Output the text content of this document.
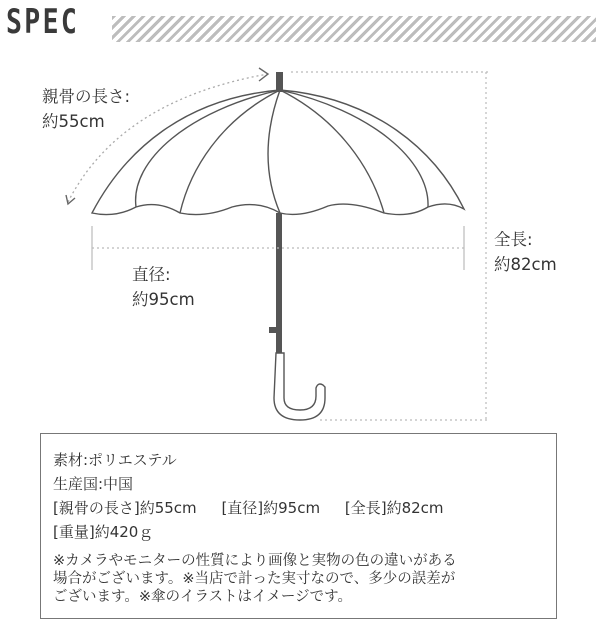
SPEC
親骨の長さ:
約55cm
直径:
約95cm
全長:
約82cm
素材:ポリエステル
生産国:中国
[親骨の長さ]約55cm [直径]約95cm [全長]約82cm
[重量]約420ｇ
※カメラやモニターの性質により画像と実物の色の違いがある
場合がございます。※当店で計った実寸なので、多少の誤差が
ございます。※傘のイラストはイメージです。
